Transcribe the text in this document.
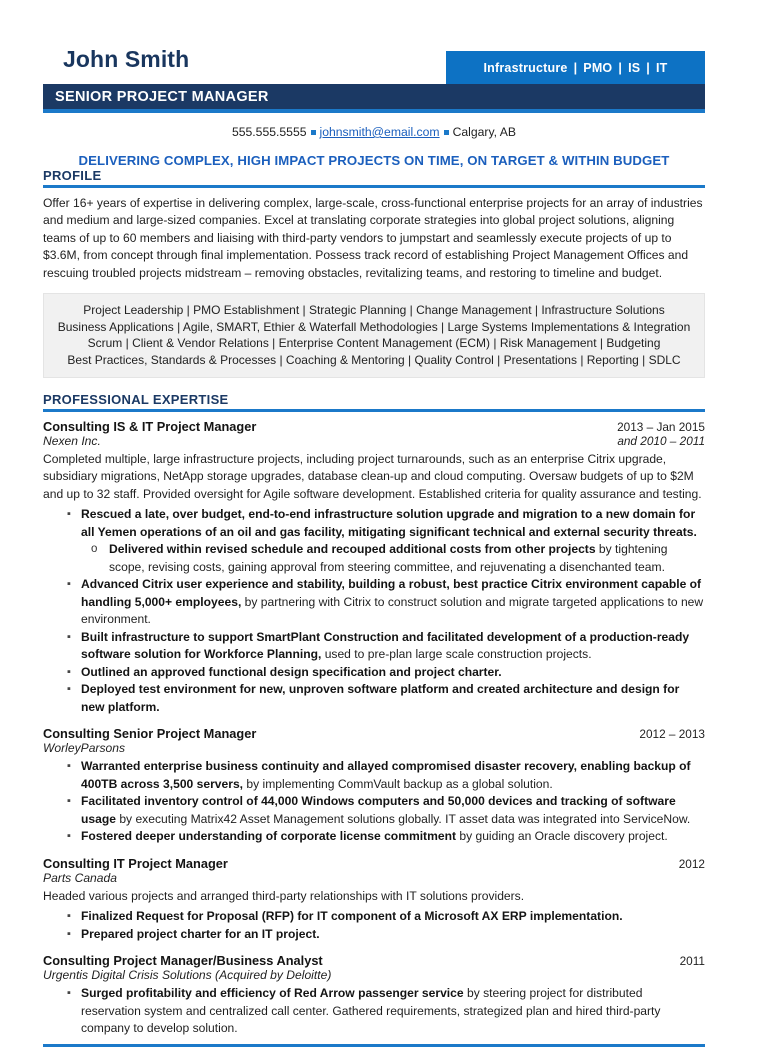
John Smith	Infrastructure | PMO | IS | IT
SENIOR PROJECT MANAGER
555.555.5555 johnsmith@email.com Calgary, AB
DELIVERING COMPLEX, HIGH IMPACT PROJECTS ON TIME, ON TARGET & WITHIN BUDGET
PROFILE
Offer 16+ years of expertise in delivering complex, large-scale, cross-functional enterprise projects for an array of industries and medium and large-sized companies. Excel at translating corporate strategies into global project solutions, aligning teams of up to 60 members and liaising with third-party vendors to jumpstart and seamlessly execute projects of up to $3.6M, from concept through final implementation. Possess track record of establishing Project Management Offices and rescuing troubled projects midstream – removing obstacles, revitalizing teams, and restoring to timeline and budget.
Project Leadership | PMO Establishment | Strategic Planning | Change Management | Infrastructure Solutions
Business Applications | Agile, SMART, Ethier & Waterfall Methodologies | Large Systems Implementations & Integration
Scrum | Client & Vendor Relations | Enterprise Content Management (ECM) | Risk Management | Budgeting
Best Practices, Standards & Processes | Coaching & Mentoring | Quality Control | Presentations | Reporting | SDLC
PROFESSIONAL EXPERTISE
Consulting IS & IT Project Manager	2013 – Jan 2015
Nexen Inc.	and 2010 – 2011
Completed multiple, large infrastructure projects, including project turnarounds, such as an enterprise Citrix upgrade, subsidiary migrations, NetApp storage upgrades, database clean-up and cloud computing. Oversaw budgets of up to $2M and up to 32 staff. Provided oversight for Agile software development. Established criteria for quality assurance and testing.
▪ Rescued a late, over budget, end-to-end infrastructure solution upgrade and migration to a new domain for all Yemen operations of an oil and gas facility, mitigating significant technical and external security threats.
o Delivered within revised schedule and recouped additional costs from other projects by tightening scope, revising costs, gaining approval from steering committee, and rejuvenating a disenchanted team.
▪ Advanced Citrix user experience and stability, building a robust, best practice Citrix environment capable of handling 5,000+ employees, by partnering with Citrix to construct solution and migrate targeted applications to new environment.
▪ Built infrastructure to support SmartPlant Construction and facilitated development of a production-ready software solution for Workforce Planning, used to pre-plan large scale construction projects.
▪ Outlined an approved functional design specification and project charter.
▪ Deployed test environment for new, unproven software platform and created architecture and design for new platform.
Consulting Senior Project Manager	2012 – 2013
WorleyParsons
▪ Warranted enterprise business continuity and allayed compromised disaster recovery, enabling backup of 400TB across 3,500 servers, by implementing CommVault backup as a global solution.
▪ Facilitated inventory control of 44,000 Windows computers and 50,000 devices and tracking of software usage by executing Matrix42 Asset Management solutions globally. IT asset data was integrated into ServiceNow.
▪ Fostered deeper understanding of corporate license commitment by guiding an Oracle discovery project.
Consulting IT Project Manager	2012
Parts Canada
Headed various projects and arranged third-party relationships with IT solutions providers.
▪ Finalized Request for Proposal (RFP) for IT component of a Microsoft AX ERP implementation.
▪ Prepared project charter for an IT project.
Consulting Project Manager/Business Analyst	2011
Urgentis Digital Crisis Solutions (Acquired by Deloitte)
▪ Surged profitability and efficiency of Red Arrow passenger service by steering project for distributed reservation system and centralized call center. Gathered requirements, strategized plan and hired third-party company to develop solution.
